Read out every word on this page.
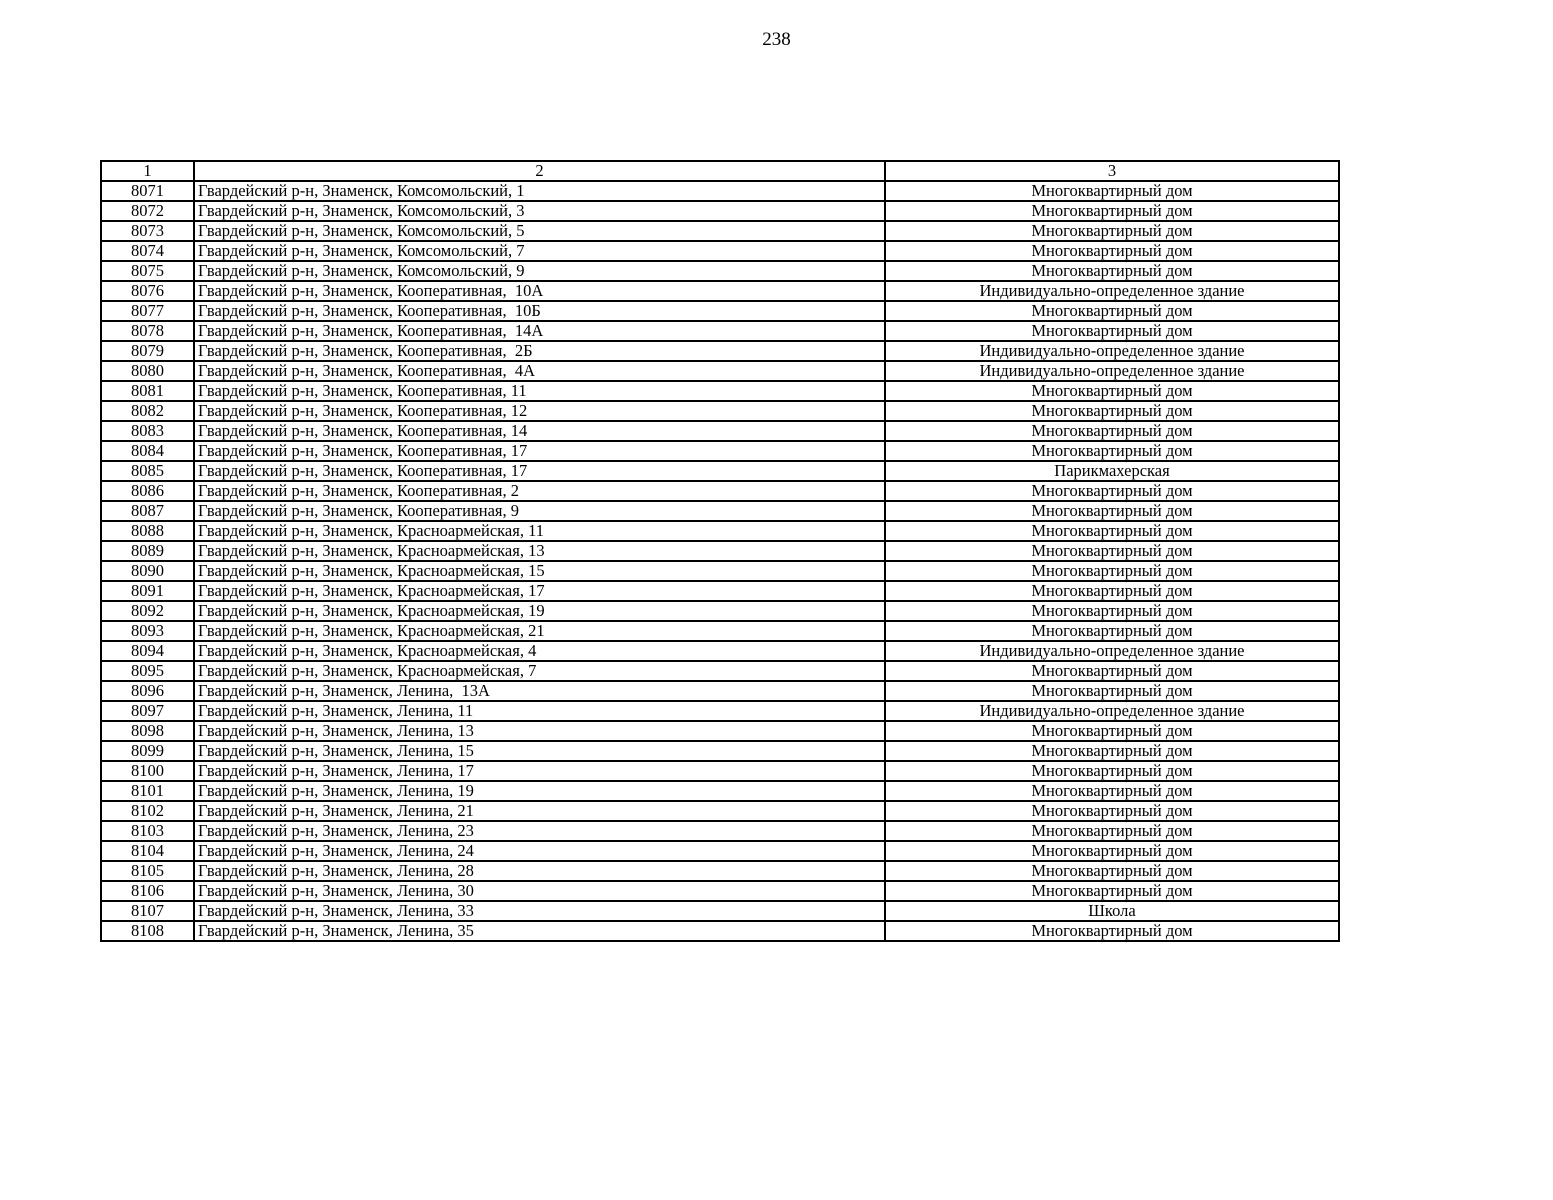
238
1	2	3
8071	Гвардейский р-н, Знаменск, Комсомольский, 1	Многоквартирный дом
8072	Гвардейский р-н, Знаменск, Комсомольский, 3	Многоквартирный дом
8073	Гвардейский р-н, Знаменск, Комсомольский, 5	Многоквартирный дом
8074	Гвардейский р-н, Знаменск, Комсомольский, 7	Многоквартирный дом
8075	Гвардейский р-н, Знаменск, Комсомольский, 9	Многоквартирный дом
8076	Гвардейский р-н, Знаменск, Кооперативная,  10А	Индивидуально-определенное здание
8077	Гвардейский р-н, Знаменск, Кооперативная,  10Б	Многоквартирный дом
8078	Гвардейский р-н, Знаменск, Кооперативная,  14А	Многоквартирный дом
8079	Гвардейский р-н, Знаменск, Кооперативная,  2Б	Индивидуально-определенное здание
8080	Гвардейский р-н, Знаменск, Кооперативная,  4А	Индивидуально-определенное здание
8081	Гвардейский р-н, Знаменск, Кооперативная, 11	Многоквартирный дом
8082	Гвардейский р-н, Знаменск, Кооперативная, 12	Многоквартирный дом
8083	Гвардейский р-н, Знаменск, Кооперативная, 14	Многоквартирный дом
8084	Гвардейский р-н, Знаменск, Кооперативная, 17	Многоквартирный дом
8085	Гвардейский р-н, Знаменск, Кооперативная, 17	Парикмахерская
8086	Гвардейский р-н, Знаменск, Кооперативная, 2	Многоквартирный дом
8087	Гвардейский р-н, Знаменск, Кооперативная, 9	Многоквартирный дом
8088	Гвардейский р-н, Знаменск, Красноармейская, 11	Многоквартирный дом
8089	Гвардейский р-н, Знаменск, Красноармейская, 13	Многоквартирный дом
8090	Гвардейский р-н, Знаменск, Красноармейская, 15	Многоквартирный дом
8091	Гвардейский р-н, Знаменск, Красноармейская, 17	Многоквартирный дом
8092	Гвардейский р-н, Знаменск, Красноармейская, 19	Многоквартирный дом
8093	Гвардейский р-н, Знаменск, Красноармейская, 21	Многоквартирный дом
8094	Гвардейский р-н, Знаменск, Красноармейская, 4	Индивидуально-определенное здание
8095	Гвардейский р-н, Знаменск, Красноармейская, 7	Многоквартирный дом
8096	Гвардейский р-н, Знаменск, Ленина,  13А	Многоквартирный дом
8097	Гвардейский р-н, Знаменск, Ленина, 11	Индивидуально-определенное здание
8098	Гвардейский р-н, Знаменск, Ленина, 13	Многоквартирный дом
8099	Гвардейский р-н, Знаменск, Ленина, 15	Многоквартирный дом
8100	Гвардейский р-н, Знаменск, Ленина, 17	Многоквартирный дом
8101	Гвардейский р-н, Знаменск, Ленина, 19	Многоквартирный дом
8102	Гвардейский р-н, Знаменск, Ленина, 21	Многоквартирный дом
8103	Гвардейский р-н, Знаменск, Ленина, 23	Многоквартирный дом
8104	Гвардейский р-н, Знаменск, Ленина, 24	Многоквартирный дом
8105	Гвардейский р-н, Знаменск, Ленина, 28	Многоквартирный дом
8106	Гвардейский р-н, Знаменск, Ленина, 30	Многоквартирный дом
8107	Гвардейский р-н, Знаменск, Ленина, 33	Школа
8108	Гвардейский р-н, Знаменск, Ленина, 35	Многоквартирный дом
